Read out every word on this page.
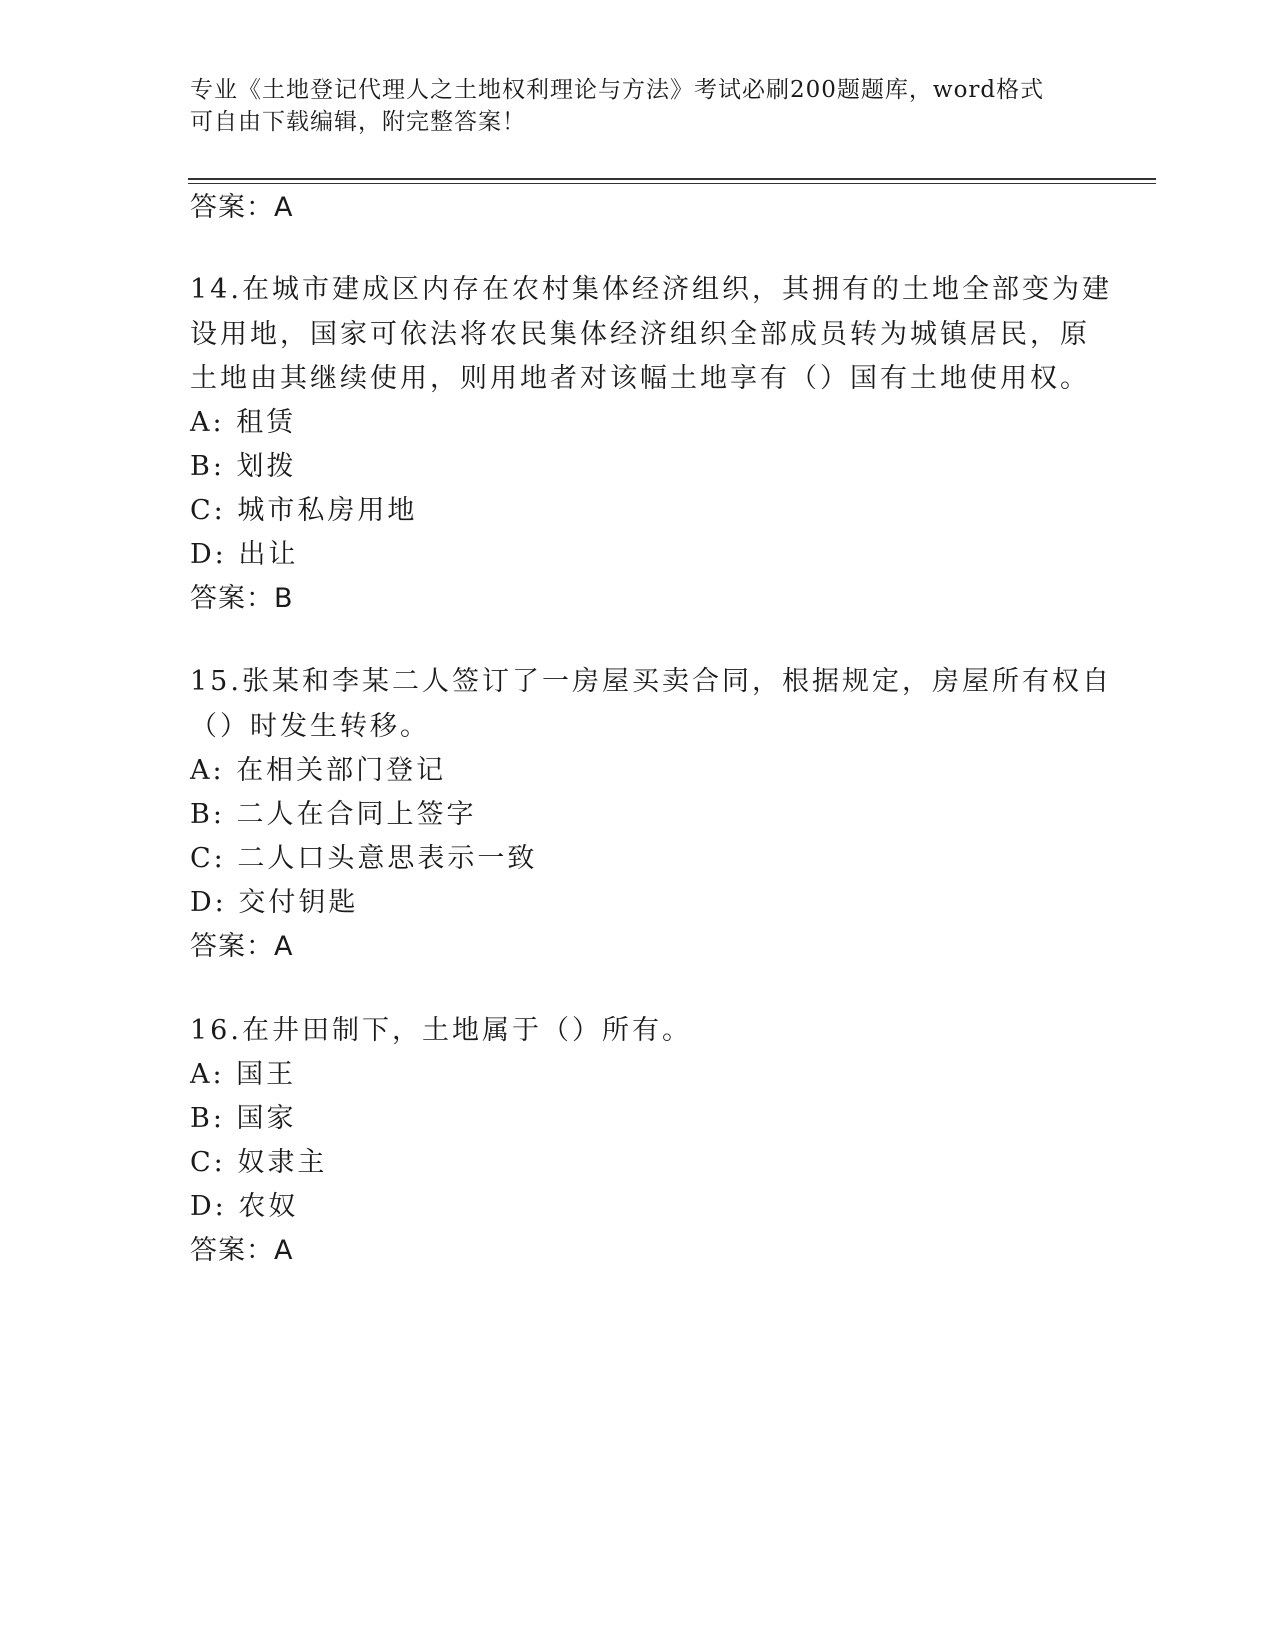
专业《土地登记代理人之土地权利理论与方法》考试必刷200题题库，word格式
可自由下载编辑，附完整答案！
答案：A
14.在城市建成区内存在农村集体经济组织，其拥有的土地全部变为建
设用地，国家可依法将农民集体经济组织全部成员转为城镇居民，原
土地由其继续使用，则用地者对该幅土地享有（）国有土地使用权。
A: 租赁
B: 划拨
C: 城市私房用地
D: 出让
答案：B
15.张某和李某二人签订了一房屋买卖合同，根据规定，房屋所有权自
（）时发生转移。
A: 在相关部门登记
B: 二人在合同上签字
C: 二人口头意思表示一致
D: 交付钥匙
答案：A
16.在井田制下，土地属于（）所有。
A: 国王
B: 国家
C: 奴隶主
D: 农奴
答案：A
